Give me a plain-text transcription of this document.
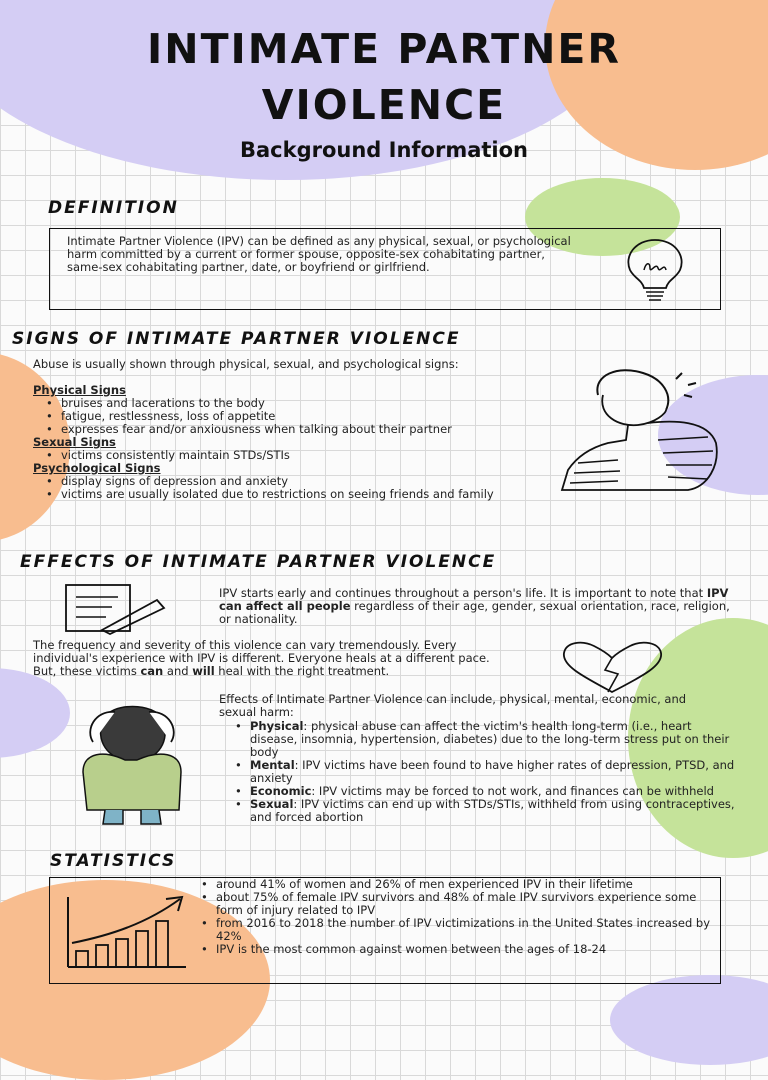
INTIMATE PARTNER
VIOLENCE
Background Information
DEFINITION
Intimate Partner Violence (IPV) can be defined as any physical, sexual, or psychological harm committed by a current or former spouse, opposite-sex cohabitating partner, same-sex cohabitating partner, date, or boyfriend or girlfriend.
SIGNS OF INTIMATE PARTNER VIOLENCE
Abuse is usually shown through physical, sexual, and psychological signs:
Physical Signs
• bruises and lacerations to the body
• fatigue, restlessness, loss of appetite
• expresses fear and/or anxiousness when talking about their partner
Sexual Signs
• victims consistently maintain STDs/STIs
Psychological Signs
• display signs of depression and anxiety
• victims are usually isolated due to restrictions on seeing friends and family
EFFECTS OF INTIMATE PARTNER VIOLENCE
IPV starts early and continues throughout a person's life. It is important to note that IPV can affect all people regardless of their age, gender, sexual orientation, race, religion, or nationality.
The frequency and severity of this violence can vary tremendously. Every individual's experience with IPV is different. Everyone heals at a different pace. But, these victims can and will heal with the right treatment.
Effects of Intimate Partner Violence can include, physical, mental, economic, and sexual harm:
• Physical: physical abuse can affect the victim's health long-term (i.e., heart disease, insomnia, hypertension, diabetes) due to the long-term stress put on their body
• Mental: IPV victims have been found to have higher rates of depression, PTSD, and anxiety
• Economic: IPV victims may be forced to not work, and finances can be withheld
• Sexual: IPV victims can end up with STDs/STIs, withheld from using contraceptives, and forced abortion
STATISTICS
• around 41% of women and 26% of men experienced IPV in their lifetime
• about 75% of female IPV survivors and 48% of male IPV survivors experience some form of injury related to IPV
• from 2016 to 2018 the number of IPV victimizations in the United States increased by 42%
• IPV is the most common against women between the ages of 18-24
